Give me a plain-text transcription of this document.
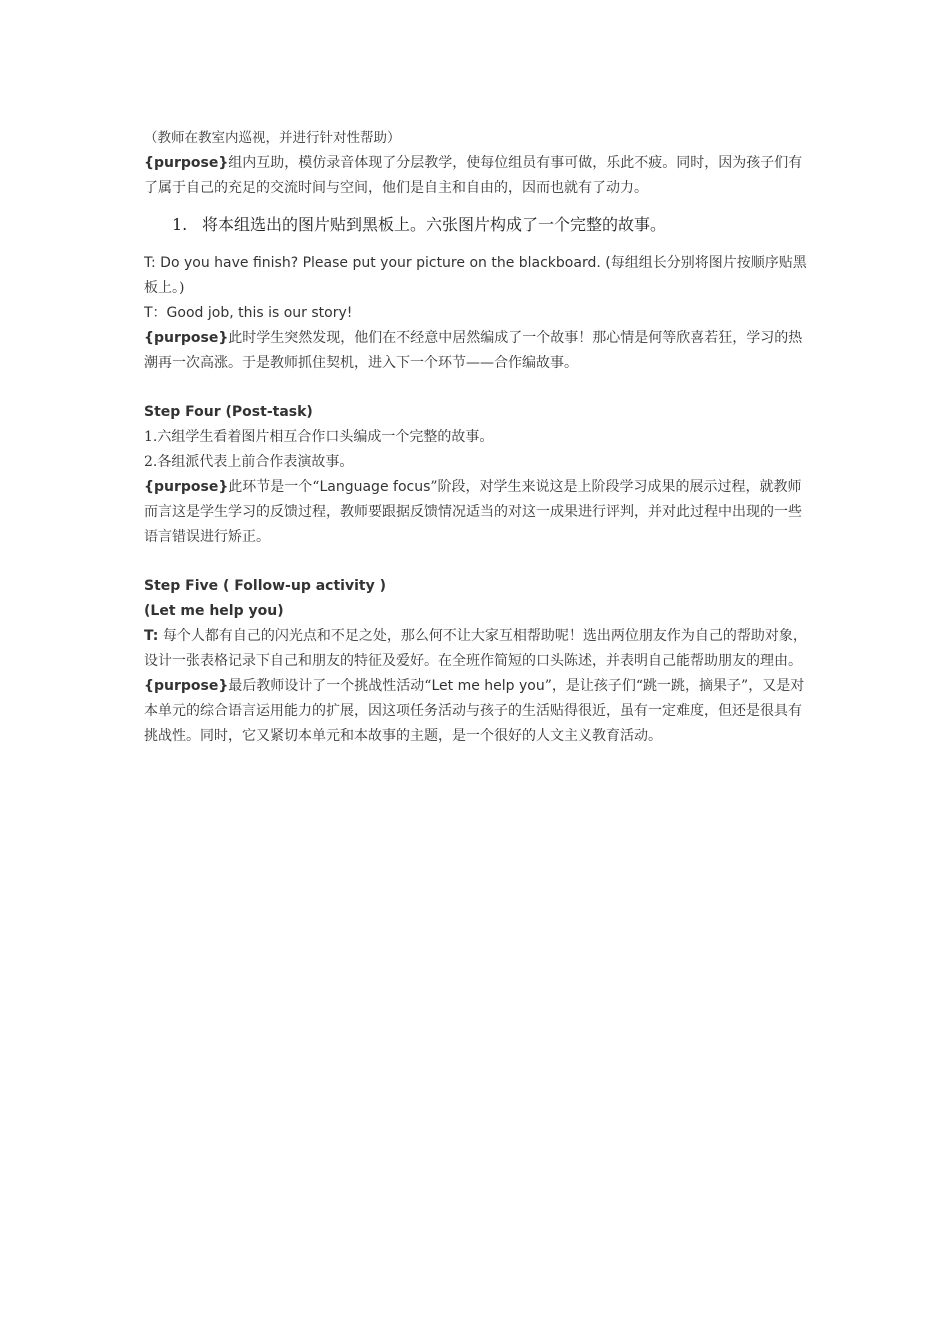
（教师在教室内巡视，并进行针对性帮助）

{purpose}组内互助，模仿录音体现了分层教学，使每位组员有事可做，乐此不疲。同时，因为孩子们有了属于自己的充足的交流时间与空间，他们是自主和自由的，因而也就有了动力。

1. 将本组选出的图片贴到黑板上。六张图片构成了一个完整的故事。

T: Do you have finish? Please put your picture on the blackboard. (每组组长分别将图片按顺序贴黑板上。)

T：Good job, this is our story!

{purpose}此时学生突然发现，他们在不经意中居然编成了一个故事！那心情是何等欣喜若狂，学习的热潮再一次高涨。于是教师抓住契机，进入下一个环节——合作编故事。

Step Four (Post-task)

1.六组学生看着图片相互合作口头编成一个完整的故事。

2.各组派代表上前合作表演故事。

{purpose}此环节是一个“Language focus”阶段，对学生来说这是上阶段学习成果的展示过程，就教师而言这是学生学习的反馈过程，教师要跟据反馈情况适当的对这一成果进行评判，并对此过程中出现的一些语言错误进行矫正。

Step Five ( Follow-up activity )

(Let me help you)

T: 每个人都有自己的闪光点和不足之处，那么何不让大家互相帮助呢！选出两位朋友作为自己的帮助对象，设计一张表格记录下自己和朋友的特征及爱好。在全班作简短的口头陈述，并表明自己能帮助朋友的理由。

{purpose}最后教师设计了一个挑战性活动“Let me help you”，是让孩子们“跳一跳，摘果子”，又是对本单元的综合语言运用能力的扩展，因这项任务活动与孩子的生活贴得很近，虽有一定难度，但还是很具有挑战性。同时，它又紧切本单元和本故事的主题，是一个很好的人文主义教育活动。
